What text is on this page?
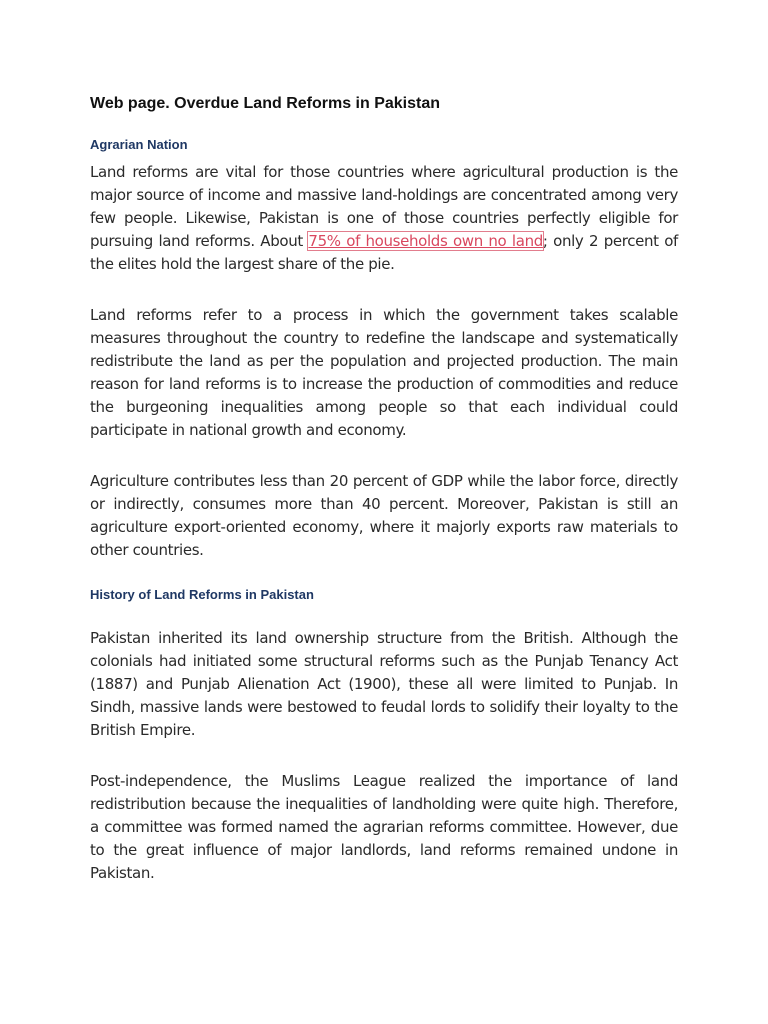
Web page. Overdue Land Reforms in Pakistan
Agrarian Nation

Land reforms are vital for those countries where agricultural production is the major source of income and massive land-holdings are concentrated among very few people. Likewise, Pakistan is one of those countries perfectly eligible for pursuing land reforms. About 75% of households own no land; only 2 percent of the elites hold the largest share of the pie.

Land reforms refer to a process in which the government takes scalable measures throughout the country to redefine the landscape and systematically redistribute the land as per the population and projected production. The main reason for land reforms is to increase the production of commodities and reduce the burgeoning inequalities among people so that each individual could participate in national growth and economy.

Agriculture contributes less than 20 percent of GDP while the labor force, directly or indirectly, consumes more than 40 percent. Moreover, Pakistan is still an agriculture export-oriented economy, where it majorly exports raw materials to other countries.

History of Land Reforms in Pakistan

Pakistan inherited its land ownership structure from the British. Although the colonials had initiated some structural reforms such as the Punjab Tenancy Act (1887) and Punjab Alienation Act (1900), these all were limited to Punjab. In Sindh, massive lands were bestowed to feudal lords to solidify their loyalty to the British Empire.

Post-independence, the Muslims League realized the importance of land redistribution because the inequalities of landholding were quite high. Therefore, a committee was formed named the agrarian reforms committee. However, due to the great influence of major landlords, land reforms remained undone in Pakistan.
